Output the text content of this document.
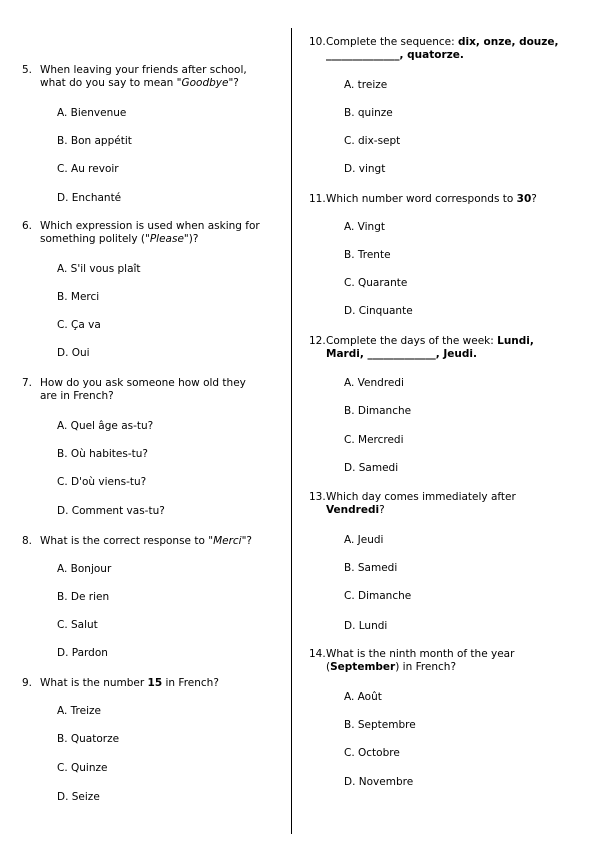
5. When leaving your friends after school, what do you say to mean "Goodbye"?
A. Bienvenue
B. Bon appétit
C. Au revoir
D. Enchanté
6. Which expression is used when asking for something politely ("Please")?
A. S'il vous plaît
B. Merci
C. Ça va
D. Oui
7. How do you ask someone how old they are in French?
A. Quel âge as-tu?
B. Où habites-tu?
C. D'où viens-tu?
D. Comment vas-tu?
8. What is the correct response to "Merci"?
A. Bonjour
B. De rien
C. Salut
D. Pardon
9. What is the number 15 in French?
A. Treize
B. Quatorze
C. Quinze
D. Seize
10. Complete the sequence: dix, onze, douze, ______________, quatorze.
A. treize
B. quinze
C. dix-sept
D. vingt
11. Which number word corresponds to 30?
A. Vingt
B. Trente
C. Quarante
D. Cinquante
12. Complete the days of the week: Lundi, Mardi, _____________, Jeudi.
A. Vendredi
B. Dimanche
C. Mercredi
D. Samedi
13. Which day comes immediately after Vendredi?
A. Jeudi
B. Samedi
C. Dimanche
D. Lundi
14. What is the ninth month of the year (September) in French?
A. Août
B. Septembre
C. Octobre
D. Novembre
